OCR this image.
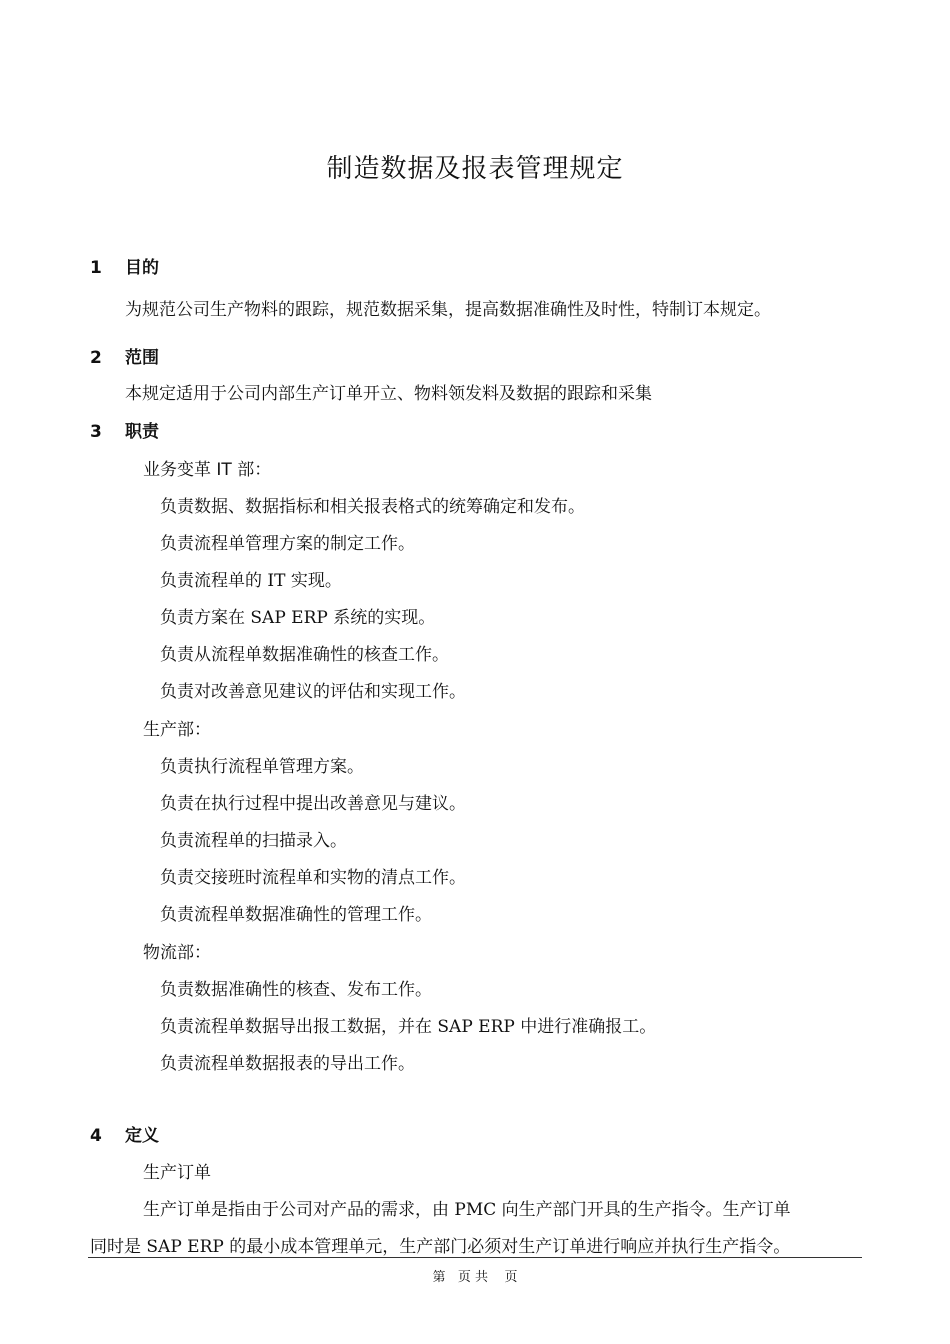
制造数据及报表管理规定
1 目的
为规范公司生产物料的跟踪，规范数据采集，提高数据准确性及时性，特制订本规定。
2 范围
本规定适用于公司内部生产订单开立、物料领发料及数据的跟踪和采集
3 职责
业务变革 IT 部：
负责数据、数据指标和相关报表格式的统筹确定和发布。
负责流程单管理方案的制定工作。
负责流程单的 IT 实现。
负责方案在 SAP ERP 系统的实现。
负责从流程单数据准确性的核查工作。
负责对改善意见建议的评估和实现工作。
生产部：
负责执行流程单管理方案。
负责在执行过程中提出改善意见与建议。
负责流程单的扫描录入。
负责交接班时流程单和实物的清点工作。
负责流程单数据准确性的管理工作。
物流部：
负责数据准确性的核查、发布工作。
负责流程单数据导出报工数据，并在 SAP ERP 中进行准确报工。
负责流程单数据报表的导出工作。
4 定义
生产订单
生产订单是指由于公司对产品的需求，由 PMC 向生产部门开具的生产指令。生产订单
同时是 SAP ERP 的最小成本管理单元，生产部门必须对生产订单进行响应并执行生产指令。
第   页 共    页
